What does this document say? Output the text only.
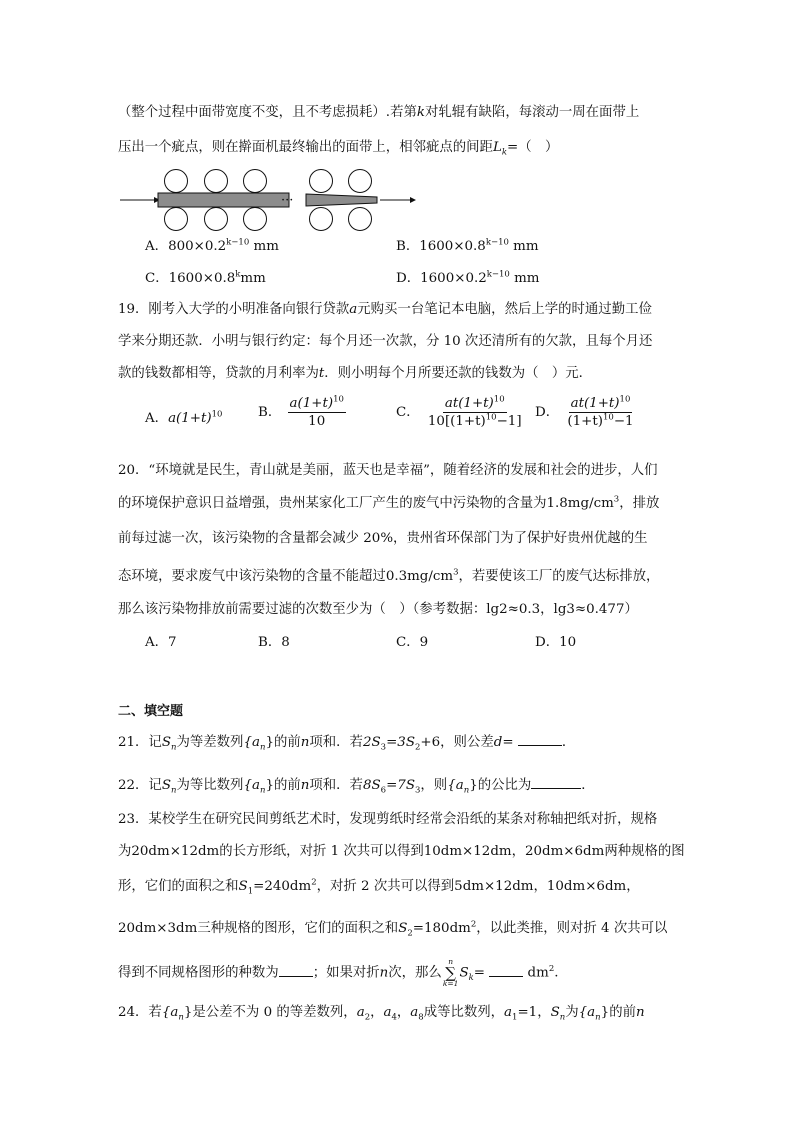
（整个过程中面带宽度不变，且不考虑损耗）.若第k对轧辊有缺陷，每滚动一周在面带上
压出一个疵点，则在擀面机最终输出的面带上，相邻疵点的间距$L_k=$（　）
···
A．$800\times 0.2^{k-10}$ mm	B．$1600\times 0.8^{k-10}$ mm
C．$1600\times 0.8^kmm$	D．$1600\times 0.2^{k-10}$ mm
19．刚考入大学的小明准备向银行贷款a元购买一台笔记本电脑，然后上学的时通过勤工俭
学来分期还款．小明与银行约定：每个月还一次款，分 10 次还清所有的欠款，且每个月还
款的钱数都相等，贷款的月利率为t．则小明每个月所要还款的钱数为（　）元．
A．$a(1+t)^{10}$	B． $\frac{a(1+t)^{10}}{10}$	C． $\frac{at(1+t)^{10}}{10[(1+t)^{10}-1]}$ D． $\frac{at(1+t)^{10}}{(1+t)^{10}-1}$
20．“环境就是民生，青山就是美丽，蓝天也是幸福”，随着经济的发展和社会的进步，人们
的环境保护意识日益增强，贵州某家化工厂产生的废气中污染物的含量为$1.8mg/cm^3$，排放
前每过滤一次，该污染物的含量都会减少 20%，贵州省环保部门为了保护好贵州优越的生
态环境，要求废气中该污染物的含量不能超过$0.3mg/cm^3$，若要使该工厂的废气达标排放，
那么该污染物排放前需要过滤的次数至少为（　）（参考数据：lg2≈0.3，lg3≈0.477）
A．7	B．8	C．9	D．10
二、填空题
21．记$S_n$为等差数列$\{a_n\}$的前n项和．若$2S_3=3S_2+6$，则公差d=	．
22．记$S_n$为等比数列$\{a_n\}$的前n项和．若$8S_6=7S_3$，则$\{a_n\}$的公比为	．
23．某校学生在研究民间剪纸艺术时，发现剪纸时经常会沿纸的某条对称轴把纸对折，规格
为20dm×12dm的长方形纸，对折 1 次共可以得到10dm×12dm，20dm×6dm两种规格的图
形，它们的面积之和$S_1=240dm^2$，对折 2 次共可以得到5dm×12dm，10dm×6dm，
20dm×3dm三种规格的图形，它们的面积之和$S_2=180dm^2$，以此类推，则对折 4 次共可以
得到不同规格图形的种数为	；如果对折n次，那么
n
∑
k=1
$S_k=$	$dm^2$.
24．若$\{a_n\}$是公差不为 0 的等差数列，$a_2$，$a_4$，$a_8$成等比数列，$a_1=1$，$S_n$为$\{a_n\}$的前n
